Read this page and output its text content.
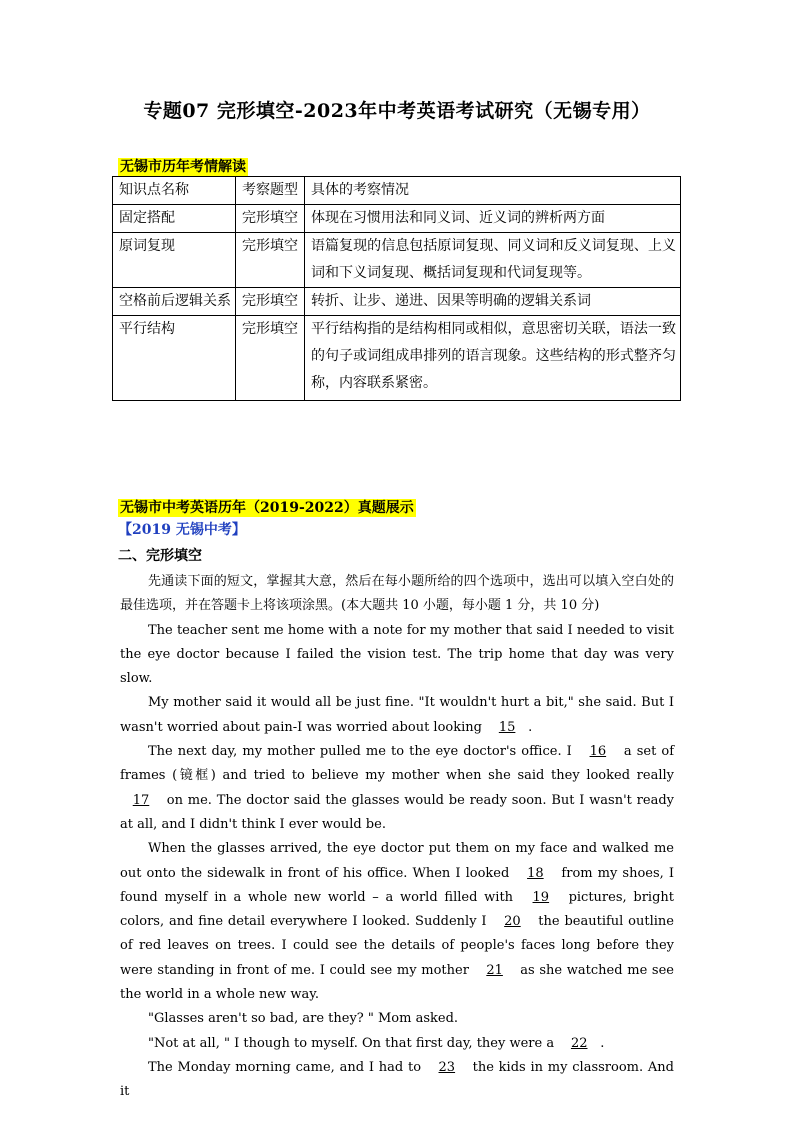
专题07 完形填空-2023年中考英语考试研究（无锡专用）
无锡市历年考情解读
知识点名称	考察题型	具体的考察情况
固定搭配	完形填空	体现在习惯用法和同义词、近义词的辨析两方面
原词复现	完形填空	语篇复现的信息包括原词复现、同义词和反义词复现、上义词和下义词复现、概括词复现和代词复现等。
空格前后逻辑关系	完形填空	转折、让步、递进、因果等明确的逻辑关系词
平行结构	完形填空	平行结构指的是结构相同或相似，意思密切关联，语法一致的句子或词组成串排列的语言现象。这些结构的形式整齐匀称，内容联系紧密。
无锡市中考英语历年（2019-2022）真题展示
【2019 无锡中考】
二、完形填空

先通读下面的短文，掌握其大意，然后在每小题所给的四个选项中，选出可以填入空白处的最佳选项，并在答题卡上将该项涂黑。(本大题共 10 小题，每小题 1 分，共 10 分)

The teacher sent me home with a note for my mother that said I needed to visit the eye doctor because I failed the vision test. The trip home that day was very slow.

My mother said it would all be just fine. "It wouldn't hurt a bit," she said. But I wasn't worried about pain-I was worried about looking 15 .

The next day, my mother pulled me to the eye doctor's office. I 16 a set of frames (镜框) and tried to believe my mother when she said they looked really 17 on me. The doctor said the glasses would be ready soon. But I wasn't ready at all, and I didn't think I ever would be.

When the glasses arrived, the eye doctor put them on my face and walked me out onto the sidewalk in front of his office. When I looked 18 from my shoes, I found myself in a whole new world – a world filled with 19 pictures, bright colors, and fine detail everywhere I looked. Suddenly I 20 the beautiful outline of red leaves on trees. I could see the details of people's faces long before they were standing in front of me. I could see my mother 21 as she watched me see the world in a whole new way.

"Glasses aren't so bad, are they? " Mom asked.

"Not at all, " I though to myself. On that first day, they were a 22 .

The Monday morning came, and I had to 23 the kids in my classroom. And it
